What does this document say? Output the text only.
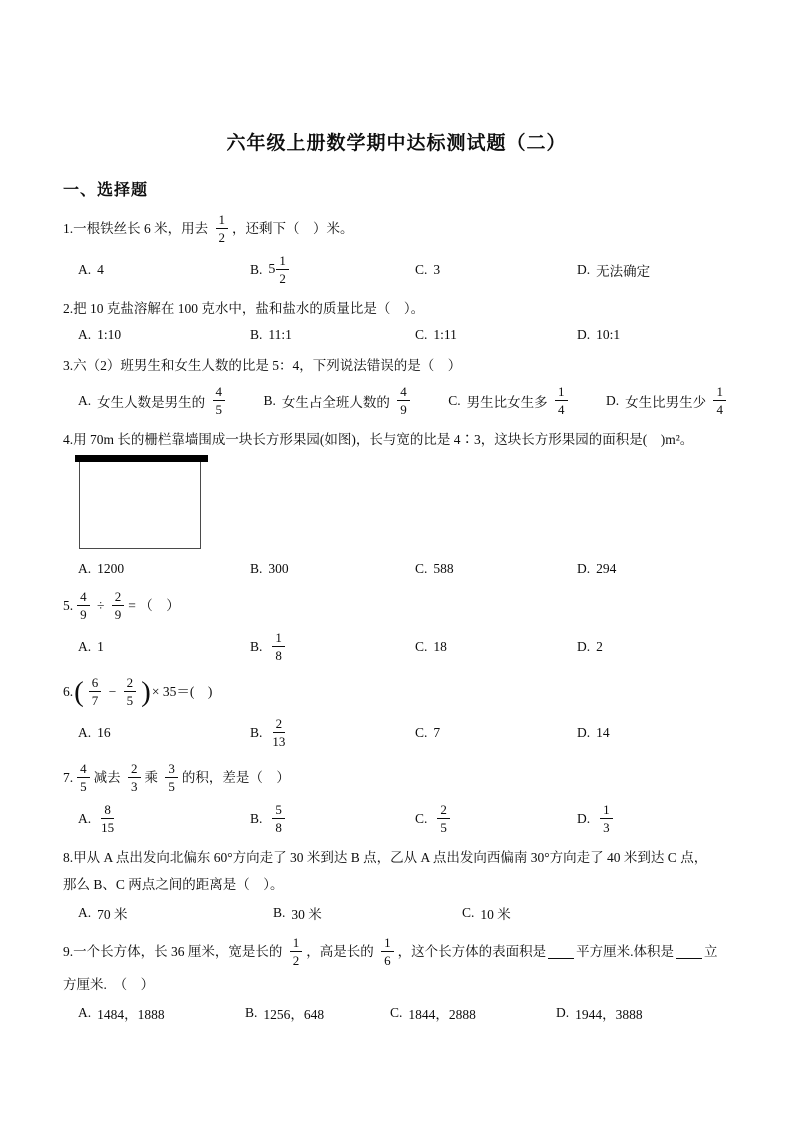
六年级上册数学期中达标测试题（二）
一、选择题
1.一根铁丝长 6 米，用去 $\frac{1}{2}$ ，还剩下（　）米。
A. 4	B. $5 \frac{1}{2}$	C. 3	D. 无法确定
2.把 10 克盐溶解在 100 克水中，盐和盐水的质量比是（　）。
A. 1:10	B. 11:1	C. 1:11	D. 10:1
3.六（2）班男生和女生人数的比是 5：4，下列说法错误的是（　）
A. 女生人数是男生的 $\frac{4}{5}$	B. 女生占全班人数的 $\frac{4}{9}$	C. 男生比女生多 $\frac{1}{4}$	D. 女生比男生少 $\frac{1}{4}$
4.用 70m 长的栅栏靠墙围成一块长方形果园(如图)，长与宽的比是 4∶3，这块长方形果园的面积是(　)m²。
A. 1200	B. 300	C. 588	D. 294
5. $\frac{4}{9} \div \frac{2}{9}$ = （　）
A. 1	B. $\frac{1}{8}$	C. 18	D. 2
6. ( $\frac{6}{7} - \frac{2}{5}$ ) × 35＝(　)
A. 16	B. $\frac{2}{13}$	C. 7	D. 14
7. $\frac{4}{5}$ 减去 $\frac{2}{3}$ 乘 $\frac{3}{5}$ 的积，差是（　）
A. $\frac{8}{15}$	B. $\frac{5}{8}$	C. $\frac{2}{5}$	D. $\frac{1}{3}$
8.甲从 A 点出发向北偏东 60°方向走了 30 米到达 B 点，乙从 A 点出发向西偏南 30°方向走了 40 米到达 C 点，
那么 B、C 两点之间的距离是（　）。
A. 70 米	B. 30 米	C. 10 米
9.一个长方体，长 36 厘米，宽是长的 $\frac{1}{2}$ ，高是长的 $\frac{1}{6}$ ，这个长方体的表面积是 平方厘米.体积是 立
方厘米.　（　）
A. 1484，1888	B. 1256，648	C. 1844，2888	D. 1944，3888
